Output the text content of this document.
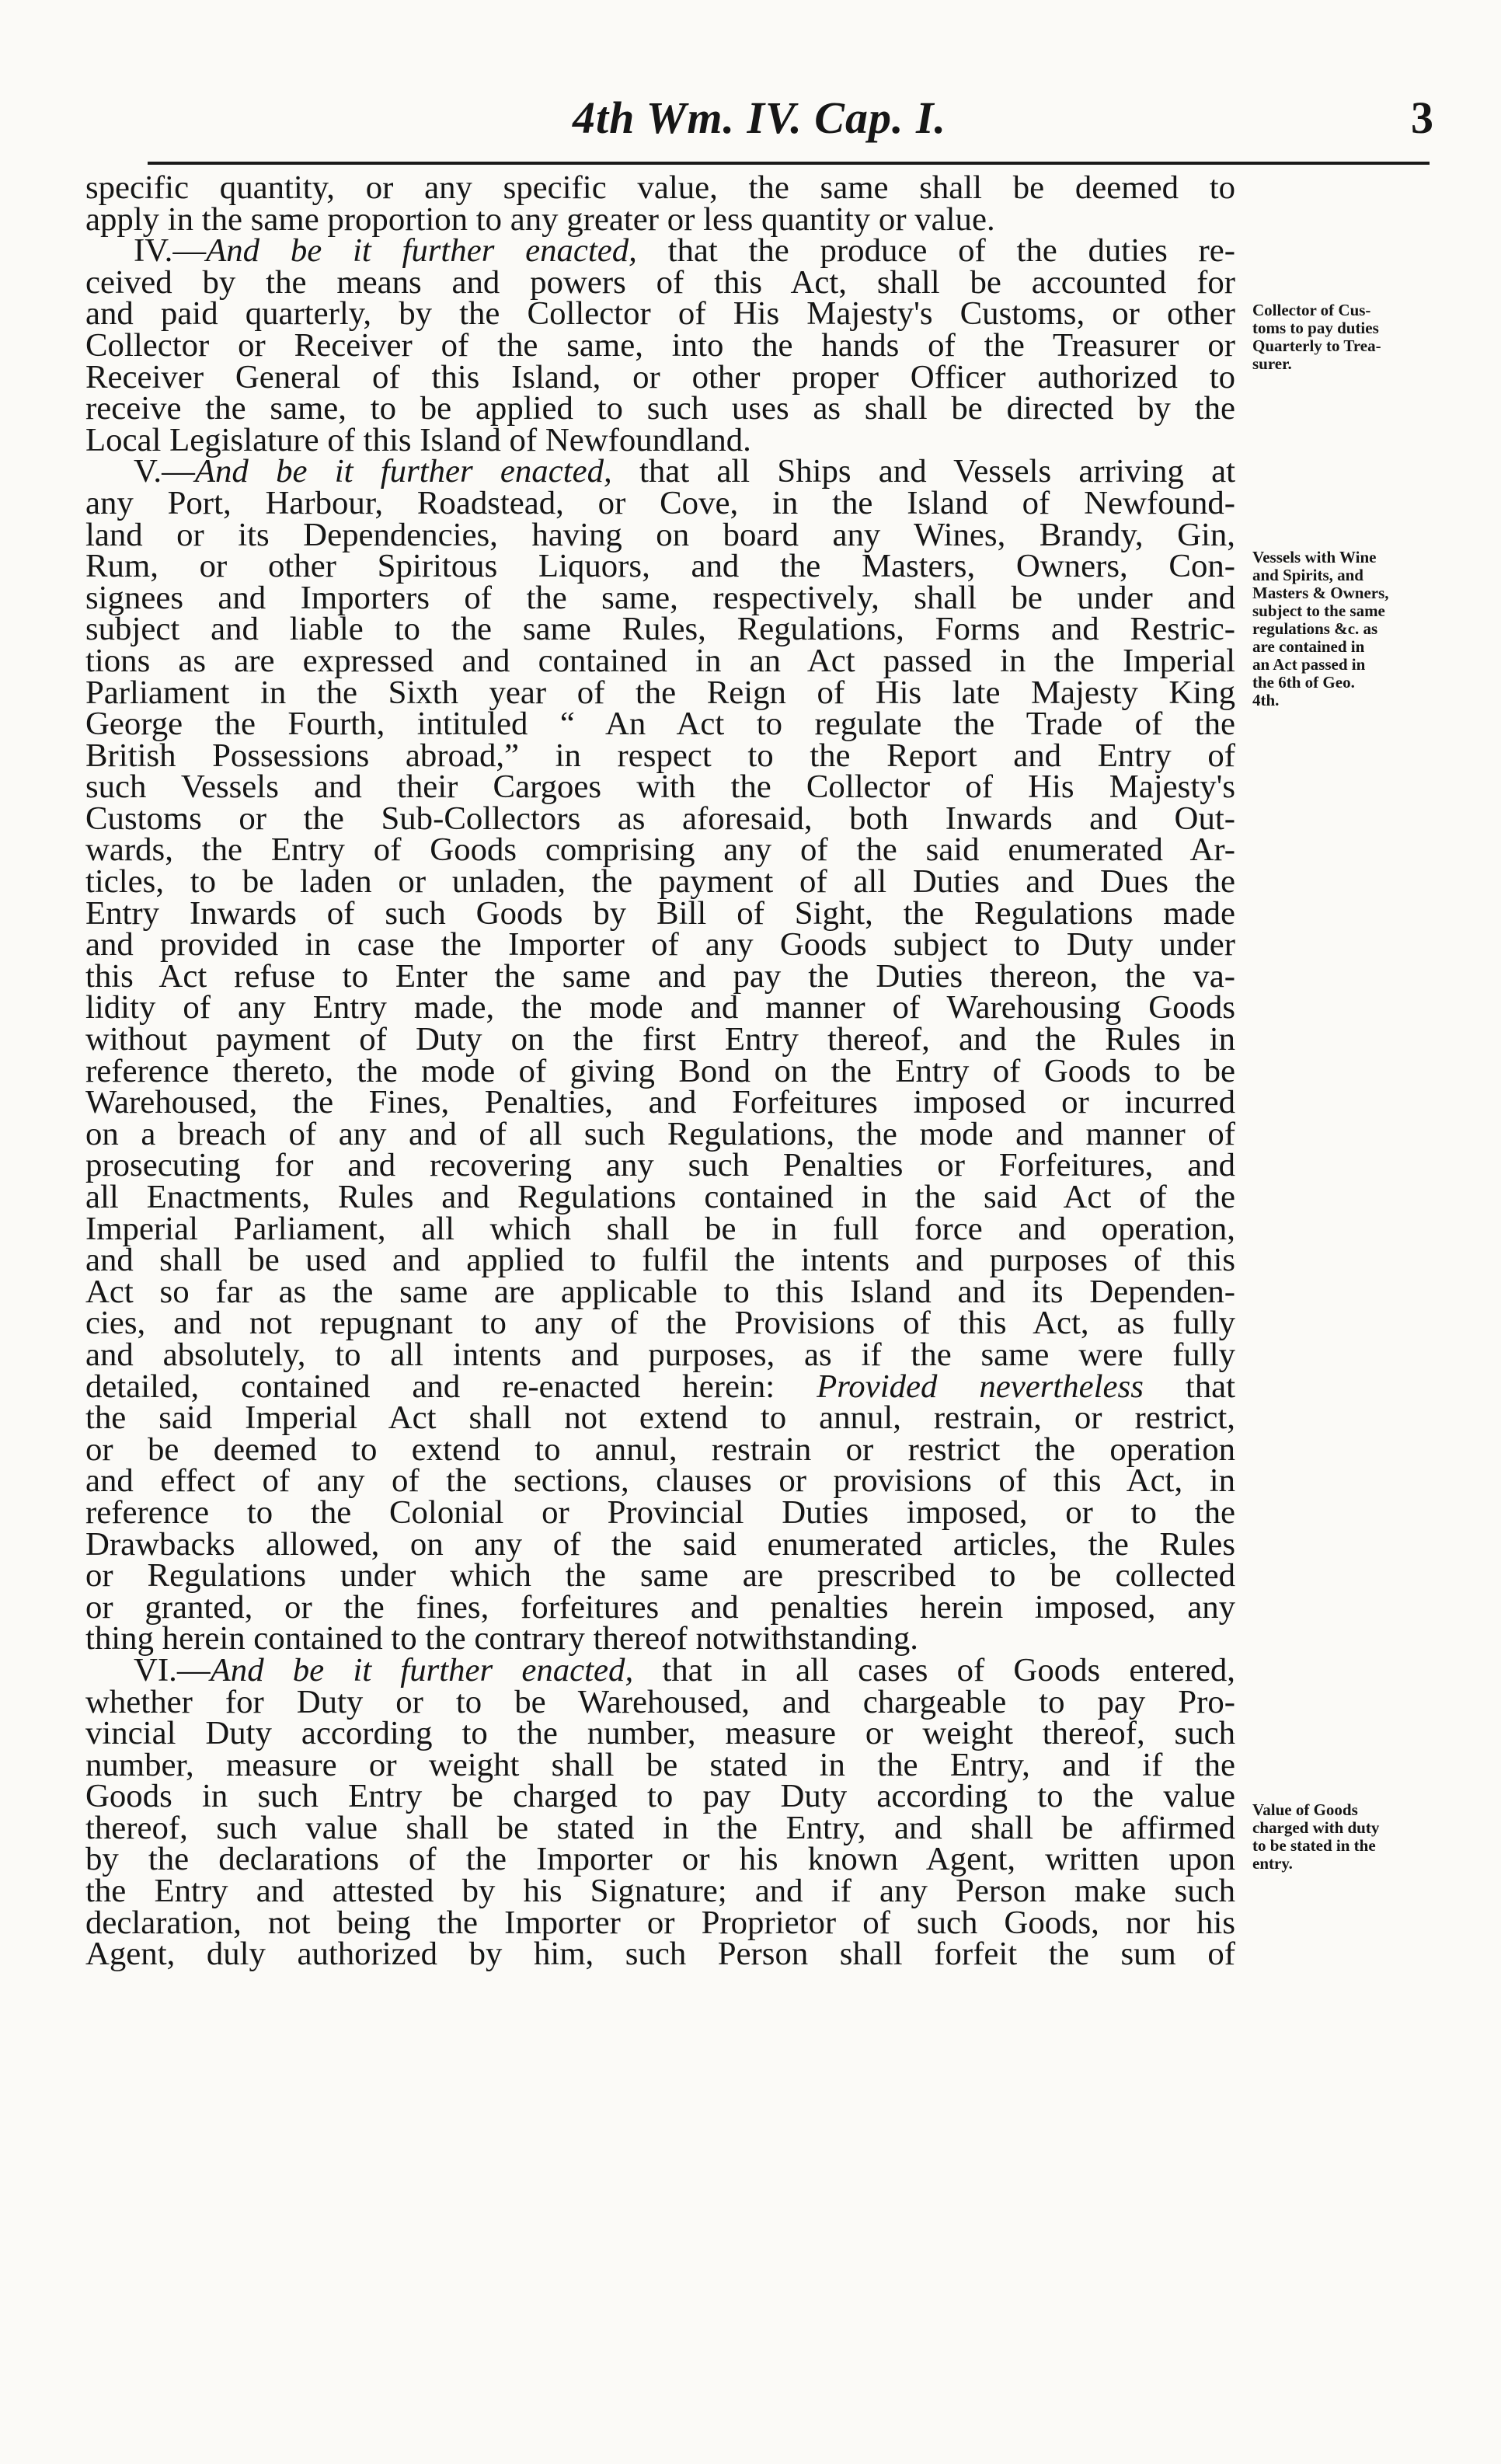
4th Wm. IV. Cap. I.	3
specific quantity, or any specific value, the same shall be deemed to
apply in the same proportion to any greater or less quantity or value.
IV.—And be it further enacted, that the produce of the duties re-
ceived by the means and powers of this Act, shall be accounted for
and paid quarterly, by the Collector of His Majesty's Customs, or other
Collector or Receiver of the same, into the hands of the Treasurer or
Receiver General of this Island, or other proper Officer authorized to
receive the same, to be applied to such uses as shall be directed by the
Local Legislature of this Island of Newfoundland.
V.—And be it further enacted, that all Ships and Vessels arriving at
any Port, Harbour, Roadstead, or Cove, in the Island of Newfound-
land or its Dependencies, having on board any Wines, Brandy, Gin,
Rum, or other Spiritous Liquors, and the Masters, Owners, Con-
signees and Importers of the same, respectively, shall be under and
subject and liable to the same Rules, Regulations, Forms and Restric-
tions as are expressed and contained in an Act passed in the Imperial
Parliament in the Sixth year of the Reign of His late Majesty King
George the Fourth, intituled “ An Act to regulate the Trade of the
British Possessions abroad,” in respect to the Report and Entry of
such Vessels and their Cargoes with the Collector of His Majesty's
Customs or the Sub-Collectors as aforesaid, both Inwards and Out-
wards, the Entry of Goods comprising any of the said enumerated Ar-
ticles, to be laden or unladen, the payment of all Duties and Dues the
Entry Inwards of such Goods by Bill of Sight, the Regulations made
and provided in case the Importer of any Goods subject to Duty under
this Act refuse to Enter the same and pay the Duties thereon, the va-
lidity of any Entry made, the mode and manner of Warehousing Goods
without payment of Duty on the first Entry thereof, and the Rules in
reference thereto, the mode of giving Bond on the Entry of Goods to be
Warehoused, the Fines, Penalties, and Forfeitures imposed or incurred
on a breach of any and of all such Regulations, the mode and manner of
prosecuting for and recovering any such Penalties or Forfeitures, and
all Enactments, Rules and Regulations contained in the said Act of the
Imperial Parliament, all which shall be in full force and operation,
and shall be used and applied to fulfil the intents and purposes of this
Act so far as the same are applicable to this Island and its Dependen-
cies, and not repugnant to any of the Provisions of this Act, as fully
and absolutely, to all intents and purposes, as if the same were fully
detailed, contained and re-enacted herein: Provided nevertheless that
the said Imperial Act shall not extend to annul, restrain, or restrict,
or be deemed to extend to annul, restrain or restrict the operation
and effect of any of the sections, clauses or provisions of this Act, in
reference to the Colonial or Provincial Duties imposed, or to the
Drawbacks allowed, on any of the said enumerated articles, the Rules
or Regulations under which the same are prescribed to be collected
or granted, or the fines, forfeitures and penalties herein imposed, any
thing herein contained to the contrary thereof notwithstanding.
VI.—And be it further enacted, that in all cases of Goods entered,
whether for Duty or to be Warehoused, and chargeable to pay Pro-
vincial Duty according to the number, measure or weight thereof, such
number, measure or weight shall be stated in the Entry, and if the
Goods in such Entry be charged to pay Duty according to the value
thereof, such value shall be stated in the Entry, and shall be affirmed
by the declarations of the Importer or his known Agent, written upon
the Entry and attested by his Signature; and if any Person make such
declaration, not being the Importer or Proprietor of such Goods, nor his
Agent, duly authorized by him, such Person shall forfeit the sum of
Collector of Cus-
toms to pay duties
Quarterly to Trea-
surer.
Vessels with Wine
and Spirits, and
Masters & Owners,
subject to the same
regulations &c. as
are contained in
an Act passed in
the 6th of Geo.
4th.
Value of Goods
charged with duty
to be stated in the
entry.
